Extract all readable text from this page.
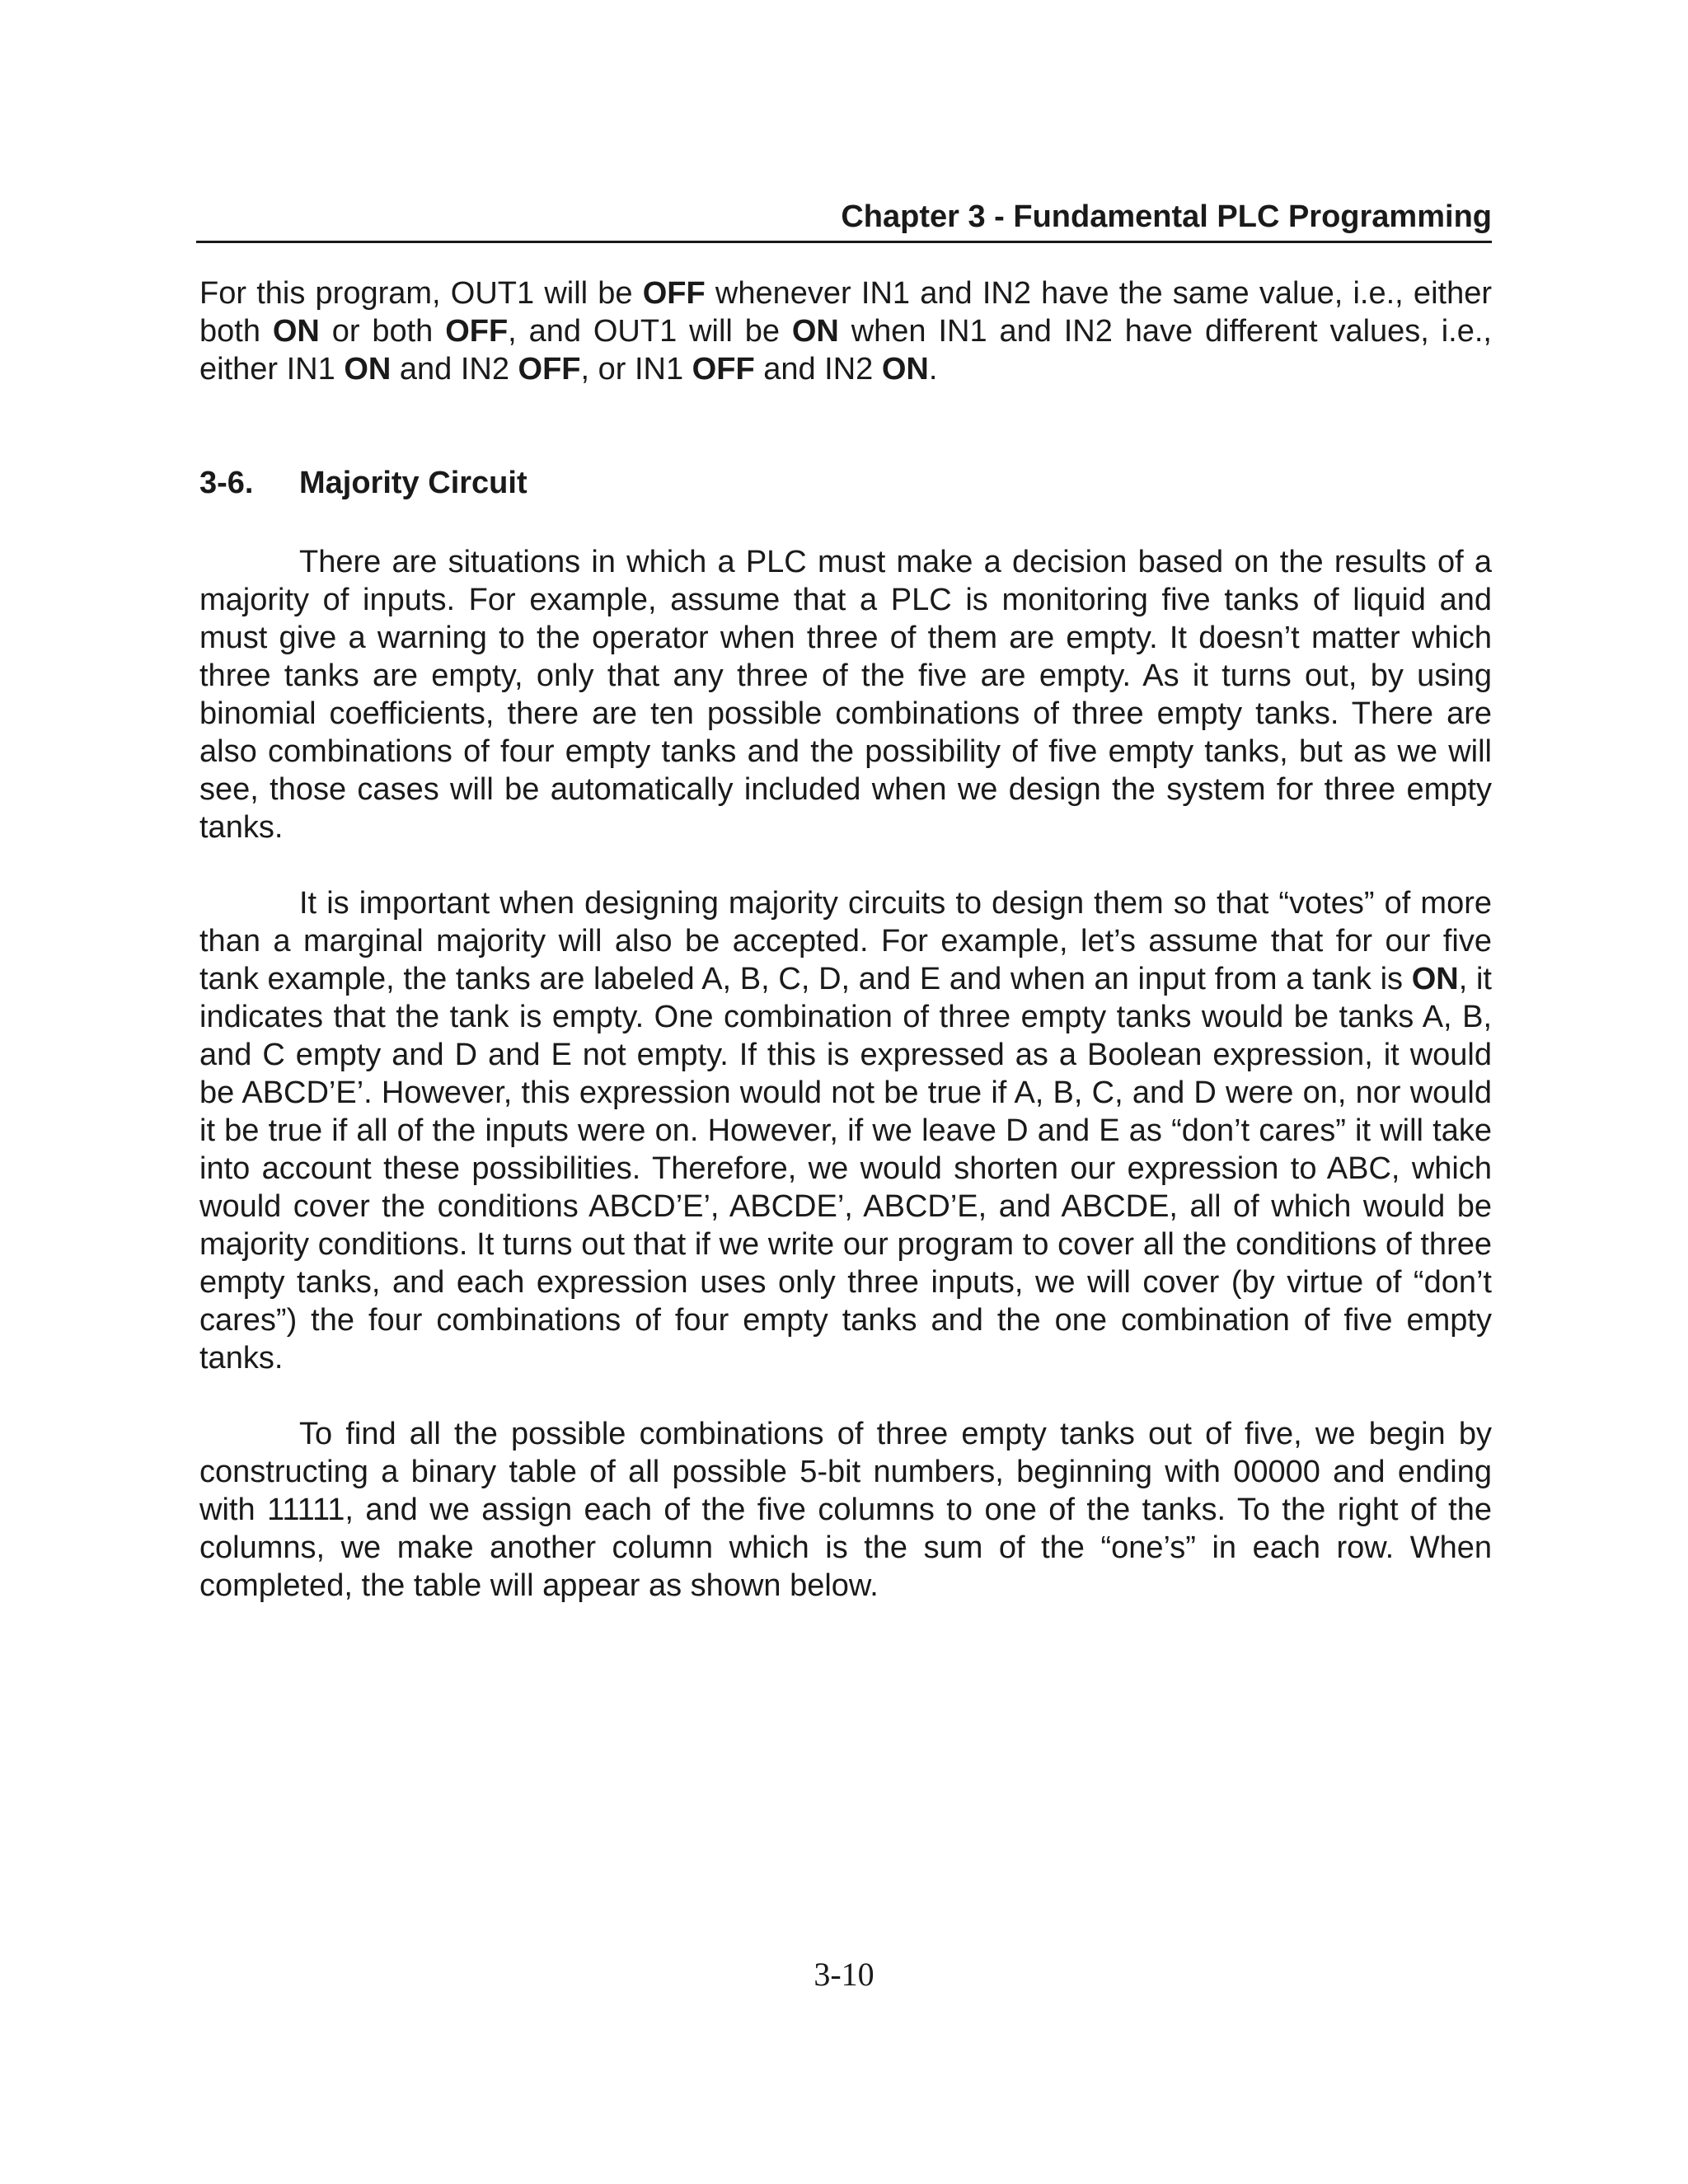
Chapter 3 - Fundamental PLC Programming

For this program, OUT1 will be OFF whenever IN1 and IN2 have the same value, i.e., either both ON or both OFF, and OUT1 will be ON when IN1 and IN2 have different values, i.e., either IN1 ON and IN2 OFF, or IN1 OFF and IN2 ON.

3-6. Majority Circuit

There are situations in which a PLC must make a decision based on the results of a majority of inputs. For example, assume that a PLC is monitoring five tanks of liquid and must give a warning to the operator when three of them are empty. It doesn’t matter which three tanks are empty, only that any three of the five are empty. As it turns out, by using binomial coefficients, there are ten possible combinations of three empty tanks. There are also combinations of four empty tanks and the possibility of five empty tanks, but as we will see, those cases will be automatically included when we design the system for three empty tanks.

It is important when designing majority circuits to design them so that “votes” of more than a marginal majority will also be accepted. For example, let’s assume that for our five tank example, the tanks are labeled A, B, C, D, and E and when an input from a tank is ON, it indicates that the tank is empty. One combination of three empty tanks would be tanks A, B, and C empty and D and E not empty. If this is expressed as a Boolean expression, it would be ABCD’E’. However, this expression would not be true if A, B, C, and D were on, nor would it be true if all of the inputs were on. However, if we leave D and E as “don’t cares” it will take into account these possibilities. Therefore, we would shorten our expression to ABC, which would cover the conditions ABCD’E’, ABCDE’, ABCD’E, and ABCDE, all of which would be majority conditions. It turns out that if we write our program to cover all the conditions of three empty tanks, and each expression uses only three inputs, we will cover (by virtue of “don’t cares”) the four combinations of four empty tanks and the one combination of five empty tanks.

To find all the possible combinations of three empty tanks out of five, we begin by constructing a binary table of all possible 5-bit numbers, beginning with 00000 and ending with 11111, and we assign each of the five columns to one of the tanks. To the right of the columns, we make another column which is the sum of the “one’s” in each row. When completed, the table will appear as shown below.

3-10
